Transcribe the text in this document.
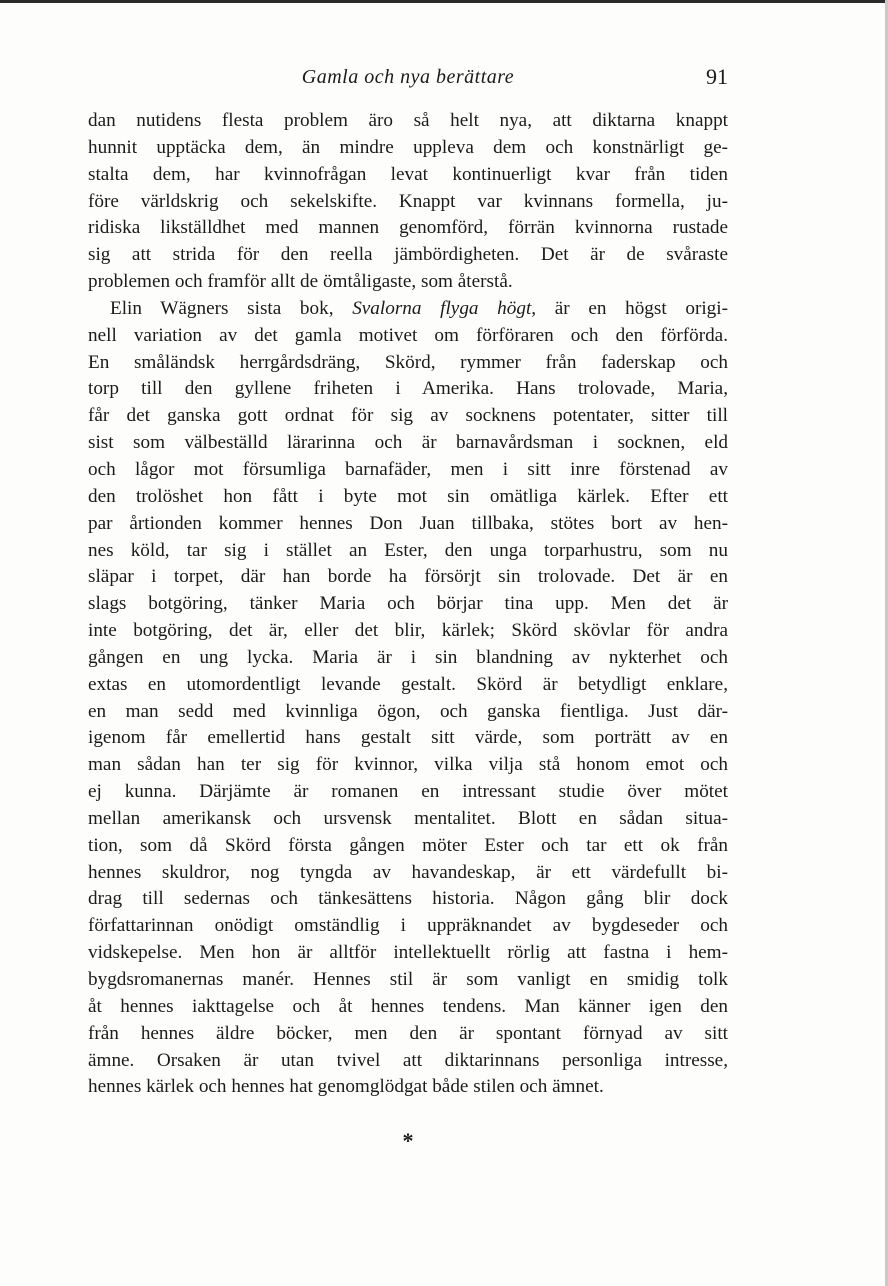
Gamla och nya berättare	91
dan nutidens flesta problem äro så helt nya, att diktarna knappt
hunnit upptäcka dem, än mindre uppleva dem och konstnärligt ge-
stalta dem, har kvinnofrågan levat kontinuerligt kvar från tiden
före världskrig och sekelskifte. Knappt var kvinnans formella, ju-
ridiska likställdhet med mannen genomförd, förrän kvinnorna rustade
sig att strida för den reella jämbördigheten. Det är de svåraste
problemen och framför allt de ömtåligaste, som återstå.
Elin Wägners sista bok, Svalorna flyga högt, är en högst origi-
nell variation av det gamla motivet om förföraren och den förförda.
En småländsk herrgårdsdräng, Skörd, rymmer från faderskap och
torp till den gyllene friheten i Amerika. Hans trolovade, Maria,
får det ganska gott ordnat för sig av socknens potentater, sitter till
sist som välbeställd lärarinna och är barnavårdsman i socknen, eld
och lågor mot försumliga barnafäder, men i sitt inre förstenad av
den trolöshet hon fått i byte mot sin omätliga kärlek. Efter ett
par årtionden kommer hennes Don Juan tillbaka, stötes bort av hen-
nes köld, tar sig i stället an Ester, den unga torparhustru, som nu
släpar i torpet, där han borde ha försörjt sin trolovade. Det är en
slags botgöring, tänker Maria och börjar tina upp. Men det är
inte botgöring, det är, eller det blir, kärlek; Skörd skövlar för andra
gången en ung lycka. Maria är i sin blandning av nykterhet och
extas en utomordentligt levande gestalt. Skörd är betydligt enklare,
en man sedd med kvinnliga ögon, och ganska fientliga. Just där-
igenom får emellertid hans gestalt sitt värde, som porträtt av en
man sådan han ter sig för kvinnor, vilka vilja stå honom emot och
ej kunna. Därjämte är romanen en intressant studie över mötet
mellan amerikansk och ursvensk mentalitet. Blott en sådan situa-
tion, som då Skörd första gången möter Ester och tar ett ok från
hennes skuldror, nog tyngda av havandeskap, är ett värdefullt bi-
drag till sedernas och tänkesättens historia. Någon gång blir dock
författarinnan onödigt omständlig i uppräknandet av bygdeseder och
vidskepelse. Men hon är alltför intellektuellt rörlig att fastna i hem-
bygdsromanernas manér. Hennes stil är som vanligt en smidig tolk
åt hennes iakttagelse och åt hennes tendens. Man känner igen den
från hennes äldre böcker, men den är spontant förnyad av sitt
ämne. Orsaken är utan tvivel att diktarinnans personliga intresse,
hennes kärlek och hennes hat genomglödgat både stilen och ämnet.
*
